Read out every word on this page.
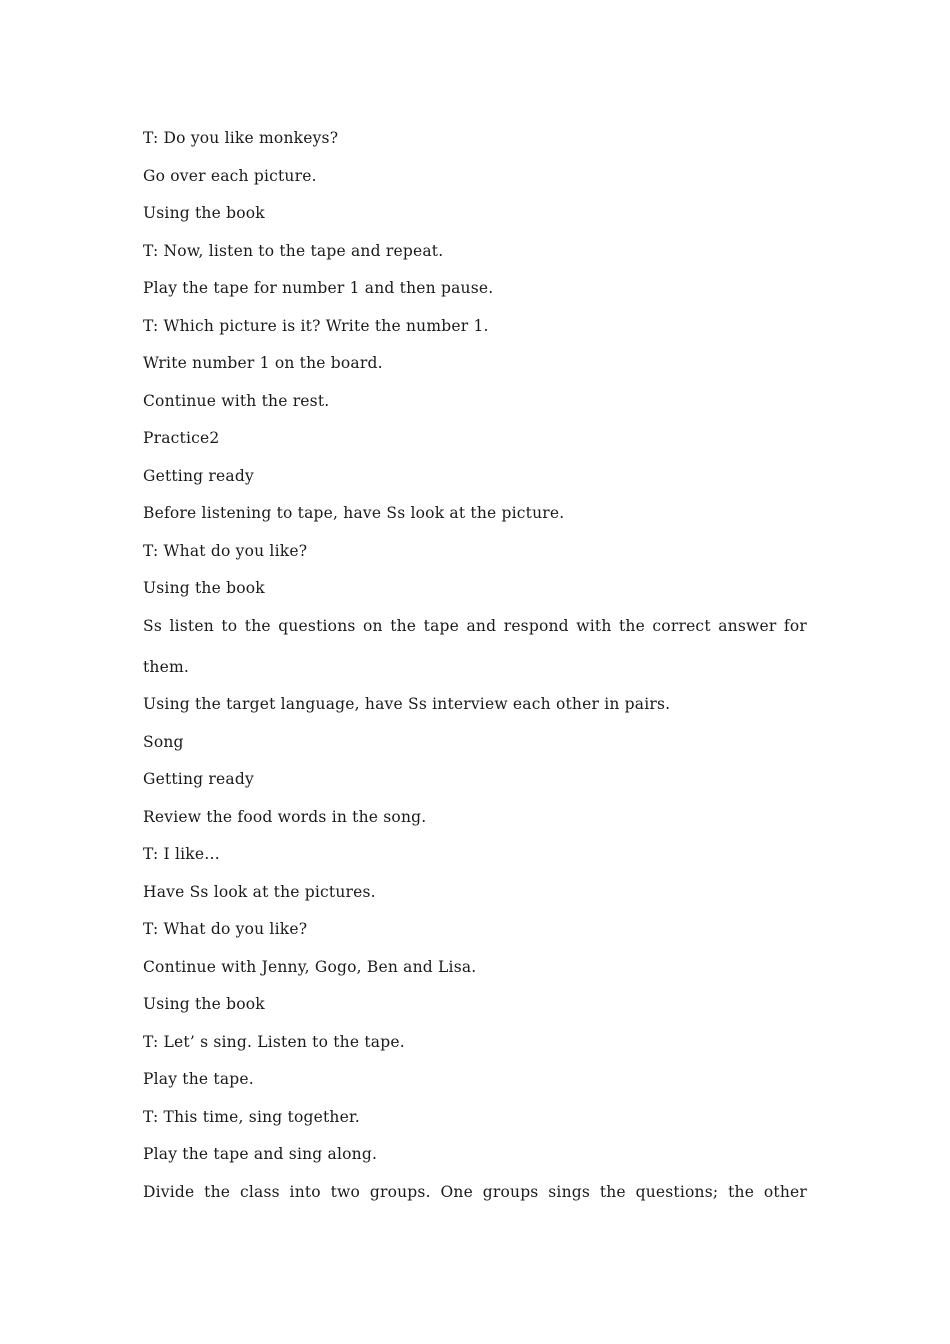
T: Do you like monkeys?
Go over each picture.
Using the book
T: Now, listen to the tape and repeat.
Play the tape for number 1 and then pause.
T: Which picture is it? Write the number 1.
Write number 1 on the board.
Continue with the rest.
Practice2
Getting ready
Before listening to tape, have Ss look at the picture.
T: What do you like?
Using the book
Ss listen to the questions on the tape and respond with the correct answer for
them.
Using the target language, have Ss interview each other in pairs.
Song
Getting ready
Review the food words in the song.
T: I like…
Have Ss look at the pictures.
T: What do you like?
Continue with Jenny, Gogo, Ben and Lisa.
Using the book
T: Let’ s sing. Listen to the tape.
Play the tape.
T: This time, sing together.
Play the tape and sing along.
Divide the class into two groups. One groups sings the questions; the other
